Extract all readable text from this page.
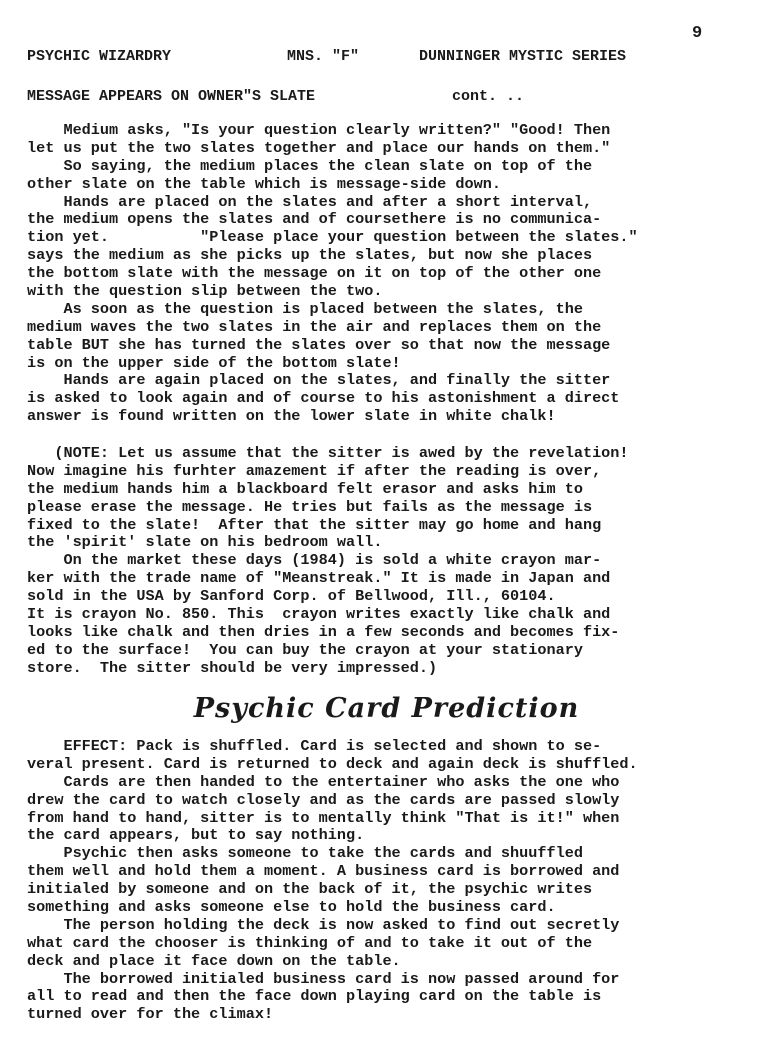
9
PSYCHIC WIZARDRY	MNS. "F"	DUNNINGER MYSTIC SERIES
MESSAGE APPEARS ON OWNER"S SLATE	cont. ..
Medium asks, "Is your question clearly written?" "Good! Then
let us put the two slates together and place our hands on them."
So saying, the medium places the clean slate on top of the
other slate on the table which is message-side down.
Hands are placed on the slates and after a short interval,
the medium opens the slates and of coursethere is no communica-
tion yet.          "Please place your question between the slates."
says the medium as she picks up the slates, but now she places
the bottom slate with the message on it on top of the other one
with the question slip between the two.
As soon as the question is placed between the slates, the
medium waves the two slates in the air and replaces them on the
table BUT she has turned the slates over so that now the message
is on the upper side of the bottom slate!
Hands are again placed on the slates, and finally the sitter
is asked to look again and of course to his astonishment a direct
answer is found written on the lower slate in white chalk!
(NOTE: Let us assume that the sitter is awed by the revelation!
Now imagine his furhter amazement if after the reading is over,
the medium hands him a blackboard felt erasor and asks him to
please erase the message. He tries but fails as the message is
fixed to the slate!  After that the sitter may go home and hang
the 'spirit' slate on his bedroom wall.
On the market these days (1984) is sold a white crayon mar-
ker with the trade name of "Meanstreak." It is made in Japan and
sold in the USA by Sanford Corp. of Bellwood, Ill., 60104.
It is crayon No. 850. This  crayon writes exactly like chalk and
looks like chalk and then dries in a few seconds and becomes fix-
ed to the surface!  You can buy the crayon at your stationary
store.  The sitter should be very impressed.)
Psychic Card Prediction
EFFECT: Pack is shuffled. Card is selected and shown to se-
veral present. Card is returned to deck and again deck is shuffled.
Cards are then handed to the entertainer who asks the one who
drew the card to watch closely and as the cards are passed slowly
from hand to hand, sitter is to mentally think "That is it!" when
the card appears, but to say nothing.
Psychic then asks someone to take the cards and shuuffled
them well and hold them a moment. A business card is borrowed and
initialed by someone and on the back of it, the psychic writes
something and asks someone else to hold the business card.
The person holding the deck is now asked to find out secretly
what card the chooser is thinking of and to take it out of the
deck and place it face down on the table.
The borrowed initialed business card is now passed around for
all to read and then the face down playing card on the table is
turned over for the climax!
